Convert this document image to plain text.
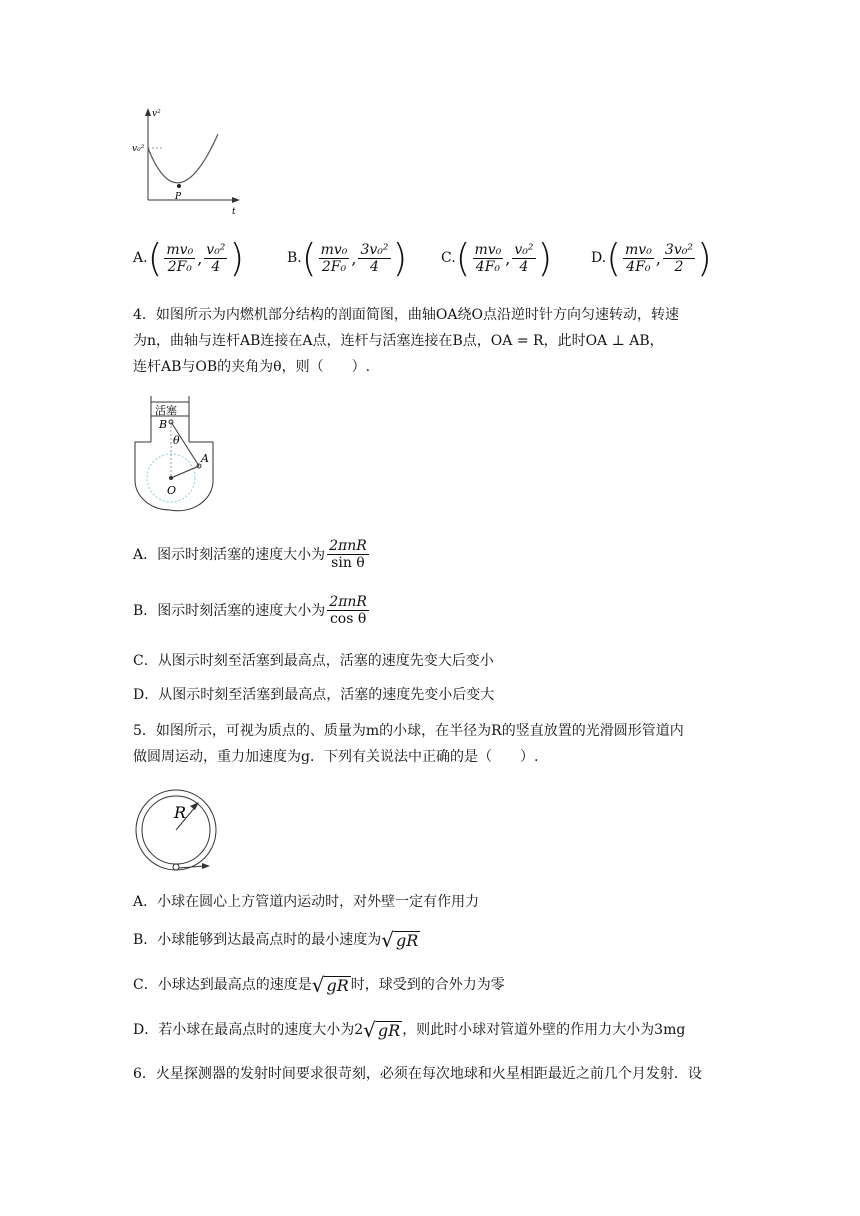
v²
v₀²
t
P
A. ( $\frac{\text{mv₀}}{\text{2F₀}}$ , $\frac{\text{v₀²}}{4}$ )	B. ( $\frac{\text{mv₀}}{\text{2F₀}}$ , $\frac{\text{3v₀²}}{4}$ ) C. ( $\frac{\text{mv₀}}{\text{4F₀}}$ , $\frac{\text{v₀²}}{4}$ )	D. ( $\frac{\text{mv₀}}{\text{4F₀}}$ , $\frac{\text{3v₀²}}{2}$ )
4．如图所示为内燃机部分结构的剖面简图，曲轴OA绕O点沿逆时针方向匀速转动，转速
为n，曲轴与连杆AB连接在A点，连杆与活塞连接在B点，OA = R，此时OA ⊥ AB，
连杆AB与OB的夹角为θ，则（　　）.
活塞
B
θ
A
O
A．图示时刻活塞的速度大小为 $\frac{\text{2πnR}}{\text{sin θ}}$
B．图示时刻活塞的速度大小为 $\frac{\text{2πnR}}{\text{cos θ}}$
C．从图示时刻至活塞到最高点，活塞的速度先变大后变小
D．从图示时刻至活塞到最高点，活塞的速度先变小后变大
5．如图所示，可视为质点的、质量为m的小球，在半径为R的竖直放置的光滑圆形管道内
做圆周运动，重力加速度为g．下列有关说法中正确的是（　　）.
R
A．小球在圆心上方管道内运动时，对外壁一定有作用力
B．小球能够到达最高点时的最小速度为 √ gR
C．小球达到最高点的速度是 √ gR 时，球受到的合外力为零
D．若小球在最高点时的速度大小为2 √ gR ，则此时小球对管道外壁的作用力大小为3mg
6．火星探测器的发射时间要求很苛刻，必须在每次地球和火星相距最近之前几个月发射．设
